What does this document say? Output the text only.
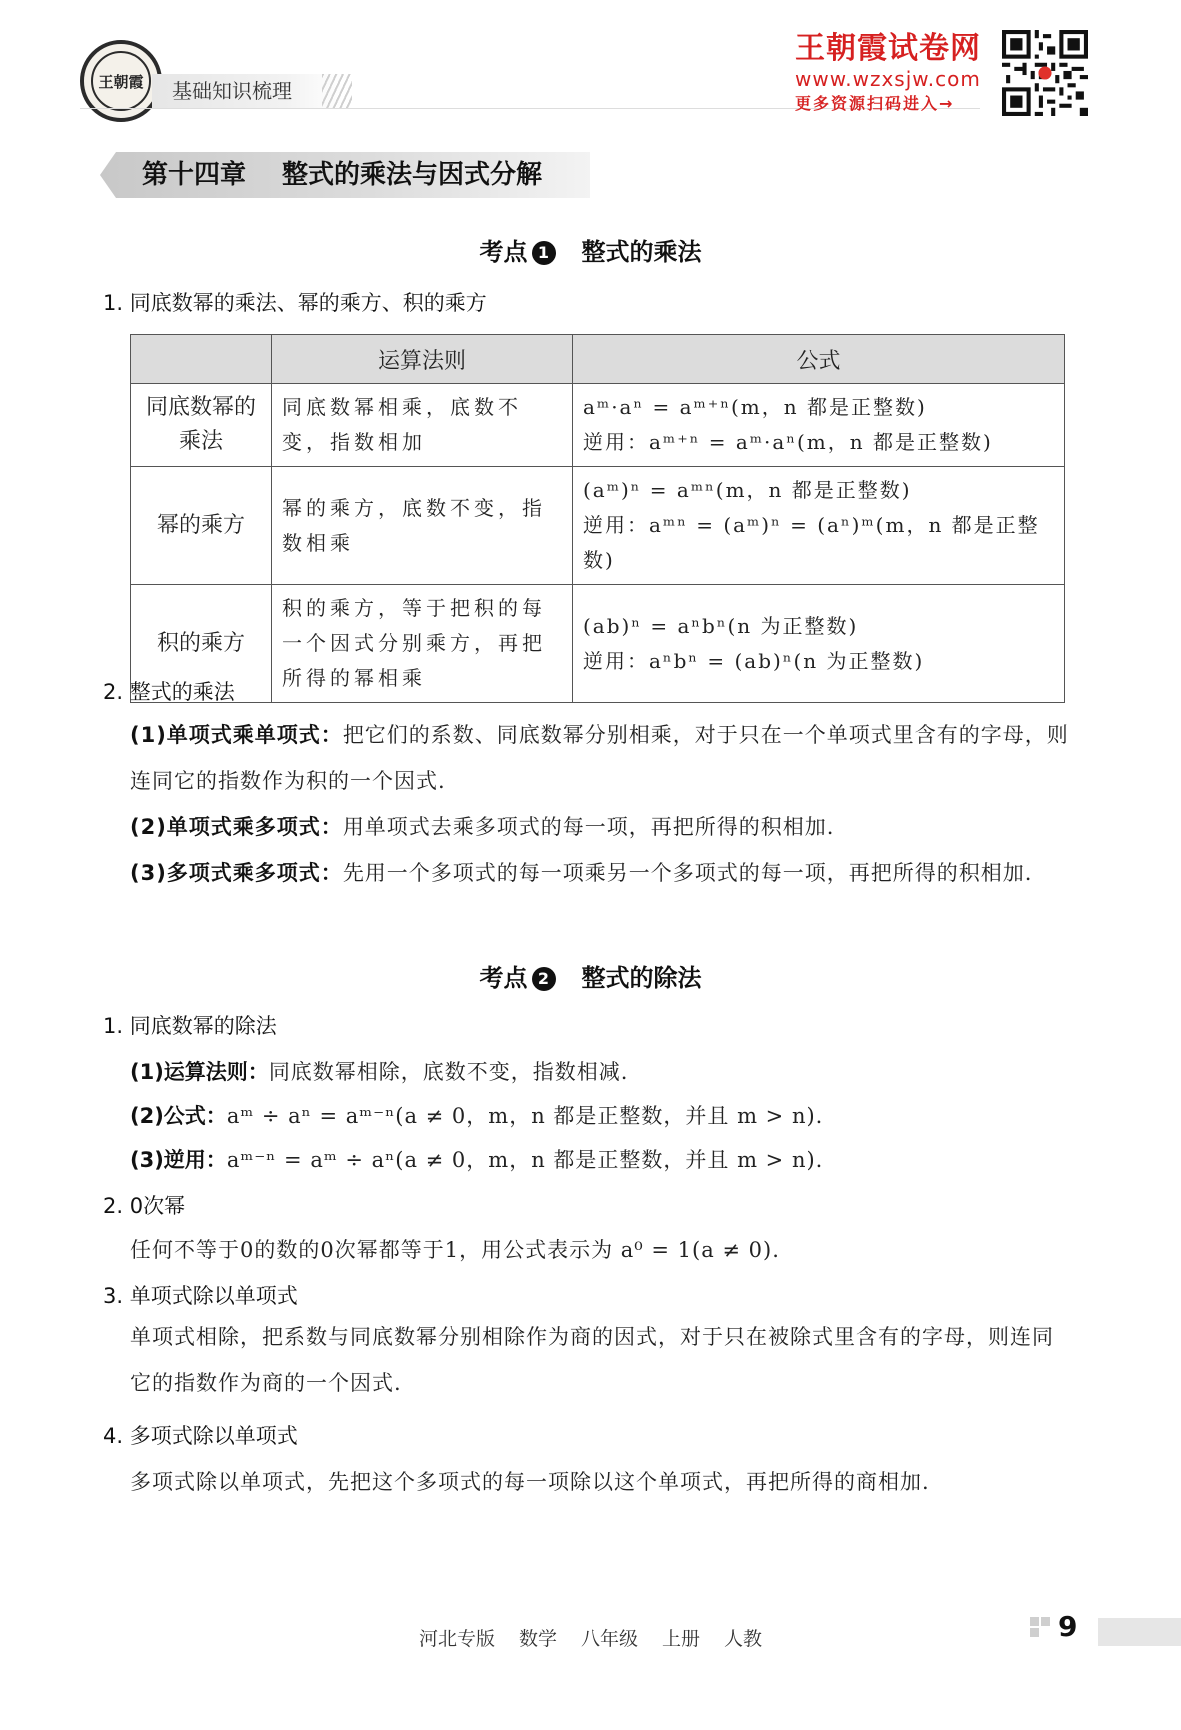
王朝霞	基础知识梳理
王朝霞试卷网
www.wzxsjw.com
更多资源扫码进入→
第十四章 整式的乘法与因式分解
考点 1 整式的乘法
1. 同底数幂的乘法、幂的乘方、积的乘方
	运算法则	公式
同底数幂的乘法	同底数幂相乘，底数不变，指数相加	aᵐ·aⁿ = aᵐ⁺ⁿ(m，n 都是正整数)
逆用：aᵐ⁺ⁿ = aᵐ·aⁿ(m，n 都是正整数)

幂的乘方	幂的乘方，底数不变，指数相乘	(aᵐ)ⁿ = aᵐⁿ(m，n 都是正整数)
逆用：aᵐⁿ = (aᵐ)ⁿ = (aⁿ)ᵐ(m，n 都是正整数)

积的乘方	积的乘方，等于把积的每一个因式分别乘方，再把所得的幂相乘	(ab)ⁿ = aⁿbⁿ(n 为正整数)
逆用：aⁿbⁿ = (ab)ⁿ(n 为正整数)
2. 整式的乘法
(1)单项式乘单项式：把它们的系数、同底数幂分别相乘，对于只在一个单项式里含有的字母，则连同它的指数作为积的一个因式.
(2)单项式乘多项式：用单项式去乘多项式的每一项，再把所得的积相加.
(3)多项式乘多项式：先用一个多项式的每一项乘另一个多项式的每一项，再把所得的积相加.
考点 2 整式的除法
1. 同底数幂的除法
(1)运算法则：同底数幂相除，底数不变，指数相减.
(2)公式：aᵐ ÷ aⁿ = aᵐ⁻ⁿ(a ≠ 0，m，n 都是正整数，并且 m > n).
(3)逆用：aᵐ⁻ⁿ = aᵐ ÷ aⁿ(a ≠ 0，m，n 都是正整数，并且 m > n).
2. 0次幂
任何不等于0的数的0次幂都等于1，用公式表示为 a⁰ = 1(a ≠ 0).
3. 单项式除以单项式
单项式相除，把系数与同底数幂分别相除作为商的因式，对于只在被除式里含有的字母，则连同它的指数作为商的一个因式.
4. 多项式除以单项式
多项式除以单项式，先把这个多项式的每一项除以这个单项式，再把所得的商相加.
河北专版 数学 八年级 上册 人教	9
